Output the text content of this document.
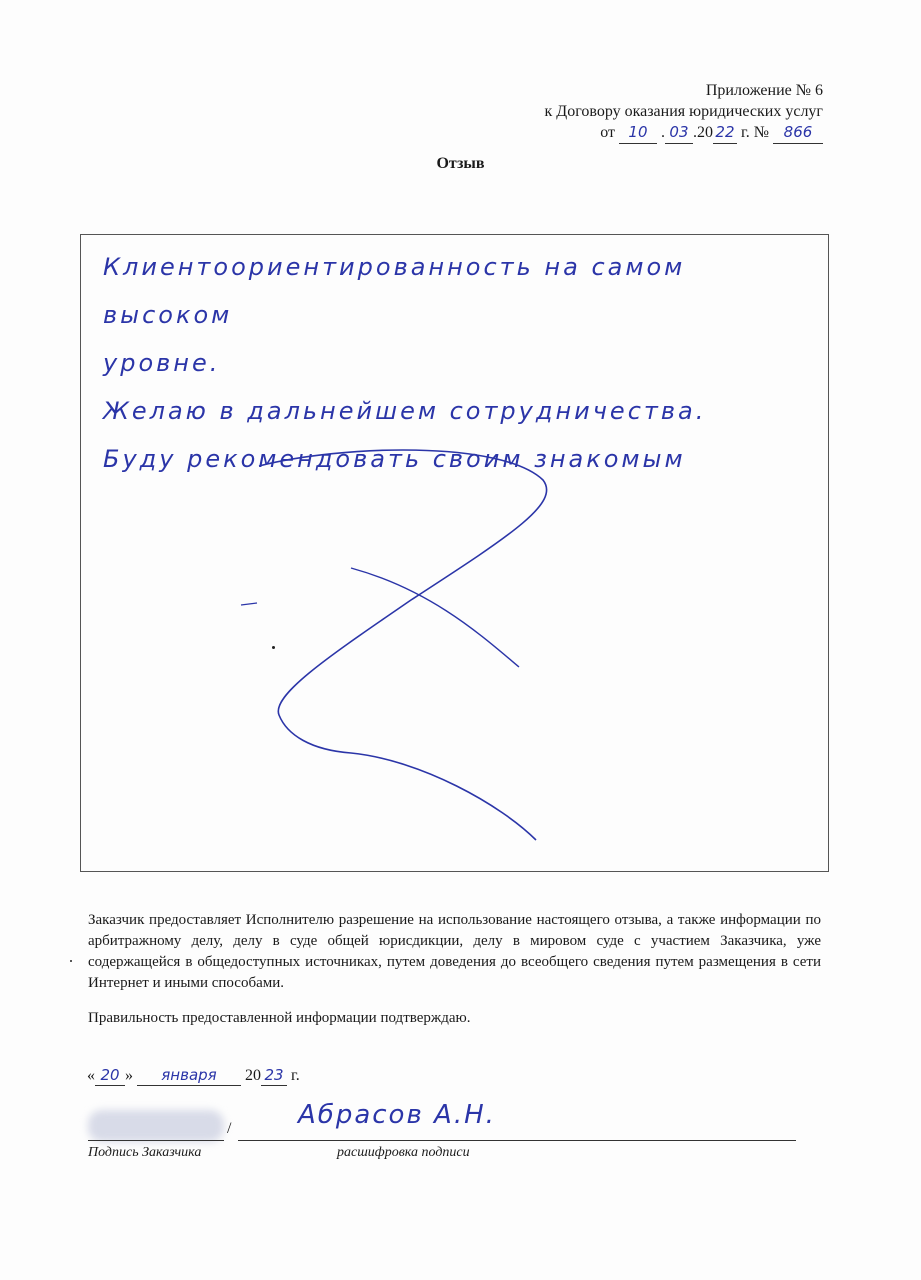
Приложение № 6
к Договору оказания юридических услуг
от 10 . 03 .20 22 г. № 866
Отзыв
Клиентоориентированность на самом высоком
уровне.
Желаю в дальнейшем сотрудничества.
Буду рекомендовать своим знакомым
Заказчик предоставляет Исполнителю разрешение на использование настоящего отзыва, а также информации по арбитражному делу, делу в суде общей юрисдикции, делу в мировом суде с участием Заказчика, уже содержащейся в общедоступных источниках, путем доведения до всеобщего сведения путем размещения в сети Интернет и иными способами.
Правильность предоставленной информации подтверждаю.
« 20 » января 20 23 г.
/	Абрасов А.Н.
Подпись Заказчика	расшифровка подписи
